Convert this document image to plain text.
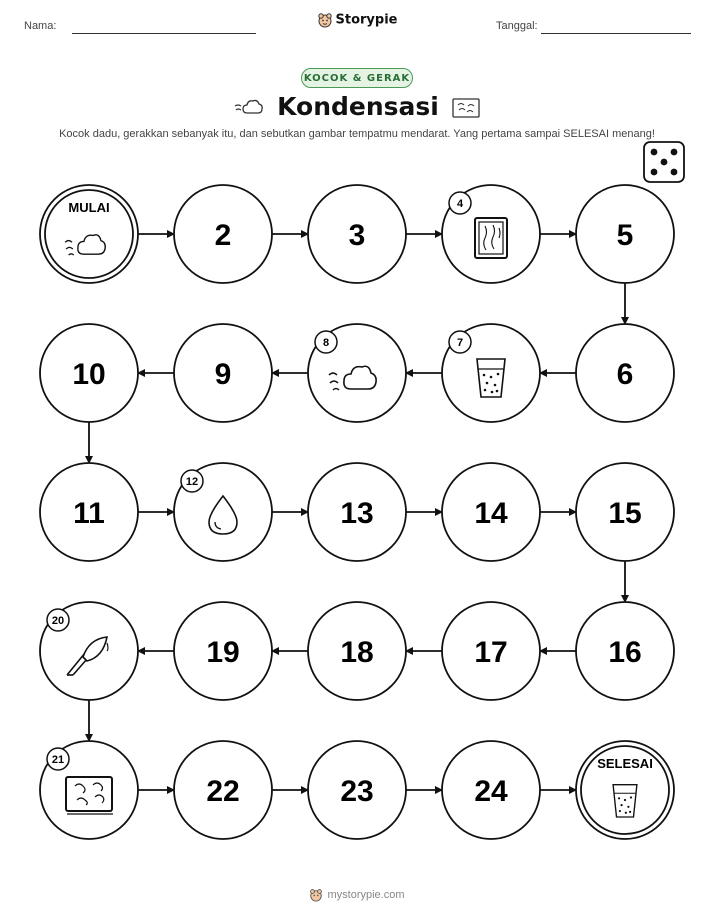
Nama:	Storypie	Tanggal:
KOCOK & GERAK
Kondensasi
Kocok dadu, gerakkan sebanyak itu, dan sebutkan gambar tempatmu mendarat. Yang pertama sampai SELESAI menang!
MULAI
2	3
4
5
6
7
8
9
10
11
12
13	14	15
16
17
18
19
20
21
22	23	24
SELESAI
mystorypie.com
